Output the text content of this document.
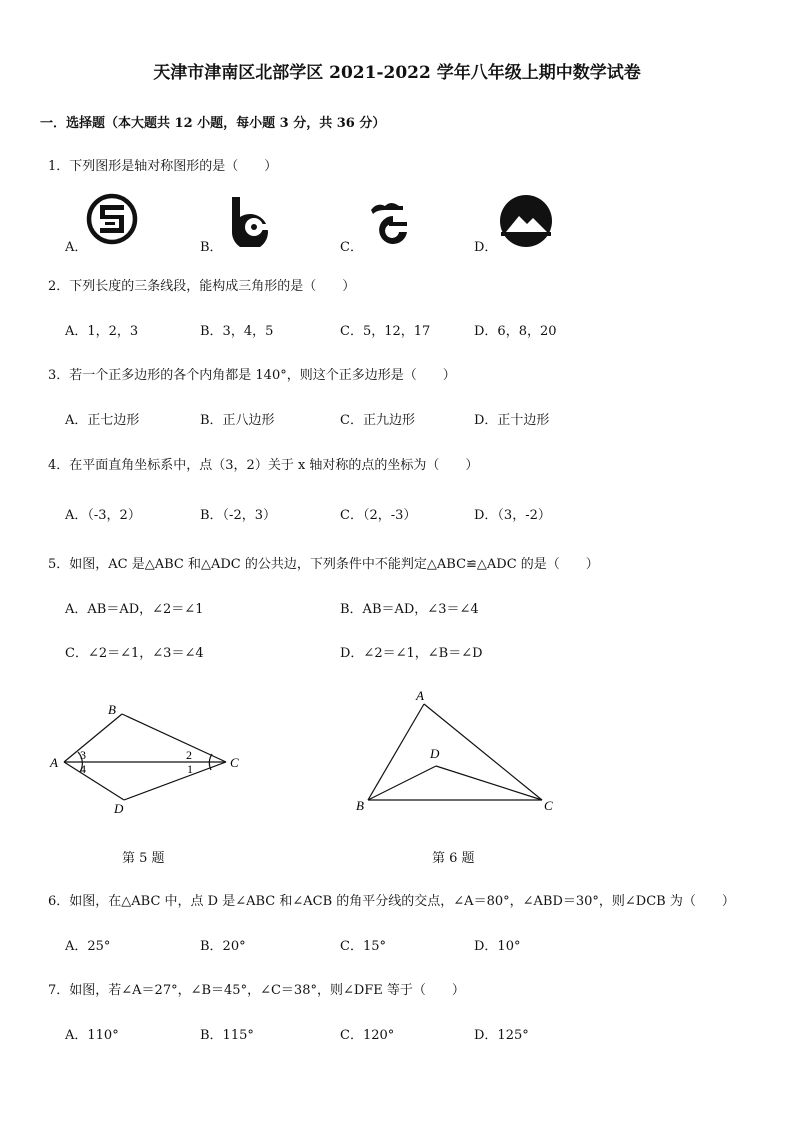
天津市津南区北部学区 2021-2022 学年八年级上期中数学试卷
一．选择题（本大题共 12 小题，每小题 3 分，共 36 分）
1．下列图形是轴对称图形的是（　　）
A．	B．	C．	D．
2．下列长度的三条线段，能构成三角形的是（　　）
A．1，2，3	B．3，4，5	C．5，12，17	D．6，8，20
3．若一个正多边形的各个内角都是 140°，则这个正多边形是（　　）
A．正七边形	B．正八边形	C．正九边形	D．正十边形
4．在平面直角坐标系中，点（3，2）关于 x 轴对称的点的坐标为（　　）
A．（-3，2）	B．（-2，3）	C．（2，-3）	D．（3，-2）
5．如图，AC 是△ABC 和△ADC 的公共边，下列条件中不能判定△ABC≌△ADC 的是（　　）
A．AB＝AD，∠2＝∠1	B．AB＝AD，∠3＝∠4
C．∠2＝∠1，∠3＝∠4	D．∠2＝∠1，∠B＝∠D
B
A	C
D
3
4
2
1
第 5 题
A
D
B	C
第 6 题
6．如图，在△ABC 中，点 D 是∠ABC 和∠ACB 的角平分线的交点，∠A＝80°，∠ABD＝30°，则∠DCB 为（　　）
A．25°	B．20°	C．15°	D．10°
7．如图，若∠A＝27°，∠B＝45°，∠C＝38°，则∠DFE 等于（　　）
A．110°	B．115°	C．120°	D．125°
